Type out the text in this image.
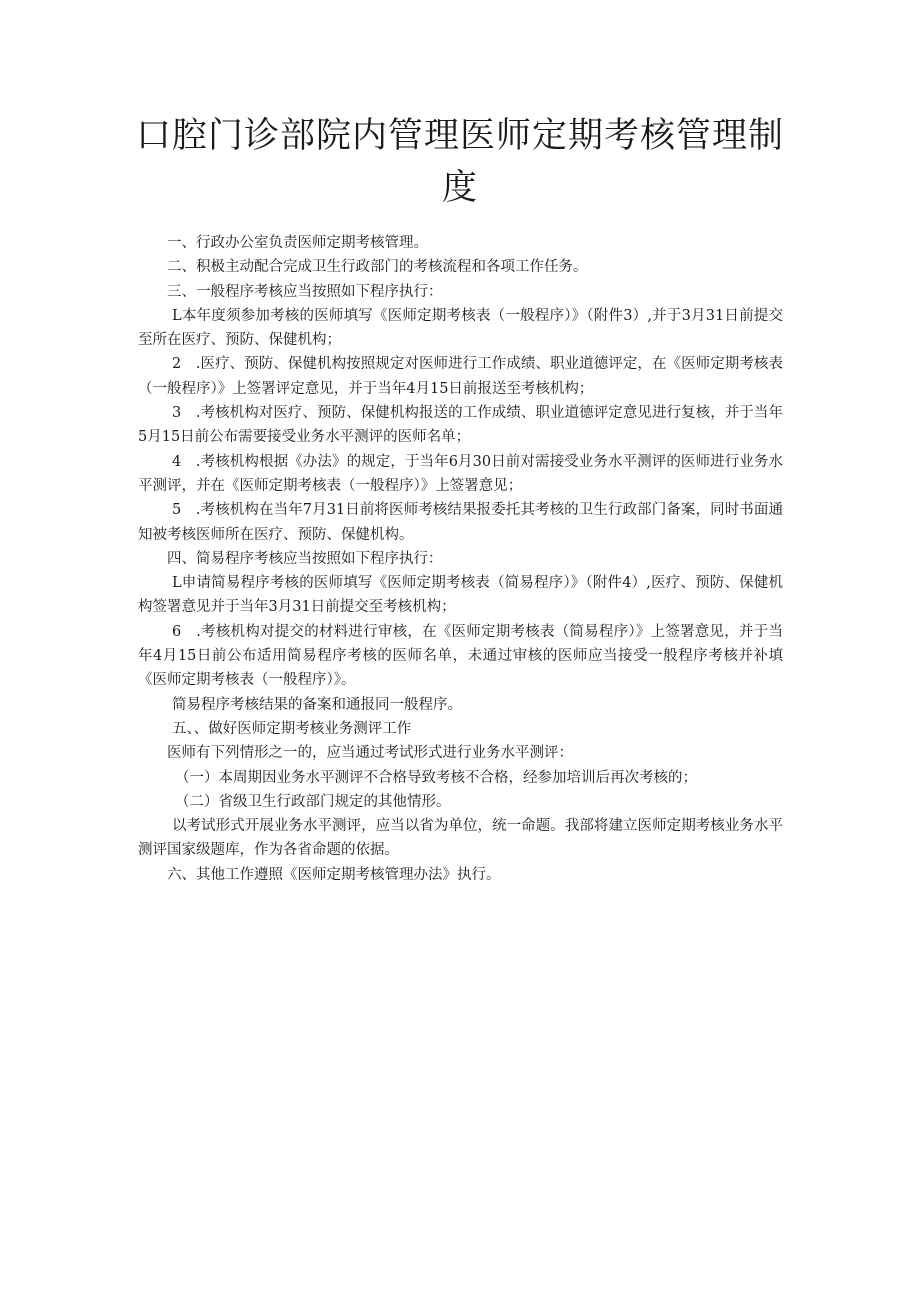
口腔门诊部院内管理医师定期考核管理制度

一、行政办公室负责医师定期考核管理。

二、积极主动配合完成卫生行政部门的考核流程和各项工作任务。

三、一般程序考核应当按照如下程序执行：

L本年度须参加考核的医师填写《医师定期考核表（一般程序）》（附件3）,并于3月31日前提交至所在医疗、预防、保健机构；

2　.医疗、预防、保健机构按照规定对医师进行工作成绩、职业道德评定，在《医师定期考核表（一般程序）》上签署评定意见，并于当年4月15日前报送至考核机构；

3　.考核机构对医疗、预防、保健机构报送的工作成绩、职业道德评定意见进行复核，并于当年5月15日前公布需要接受业务水平测评的医师名单；

4　.考核机构根据《办法》的规定，于当年6月30日前对需接受业务水平测评的医师进行业务水平测评，并在《医师定期考核表（一般程序）》上签署意见；

5　.考核机构在当年7月31日前将医师考核结果报委托其考核的卫生行政部门备案，同时书面通知被考核医师所在医疗、预防、保健机构。

四、简易程序考核应当按照如下程序执行：

L申请简易程序考核的医师填写《医师定期考核表（简易程序）》（附件4）,医疗、预防、保健机构签署意见并于当年3月31日前提交至考核机构；

6　.考核机构对提交的材料进行审核，在《医师定期考核表（简易程序）》上签署意见，并于当年4月15日前公布适用简易程序考核的医师名单，未通过审核的医师应当接受一般程序考核并补填《医师定期考核表（一般程序）》。

简易程序考核结果的备案和通报同一般程序。

五、、做好医师定期考核业务测评工作

医师有下列情形之一的，应当通过考试形式进行业务水平测评：

（一）本周期因业务水平测评不合格导致考核不合格，经参加培训后再次考核的；

（二）省级卫生行政部门规定的其他情形。

以考试形式开展业务水平测评，应当以省为单位，统一命题。我部将建立医师定期考核业务水平测评国家级题库，作为各省命题的依据。

六、其他工作遵照《医师定期考核管理办法》执行。
